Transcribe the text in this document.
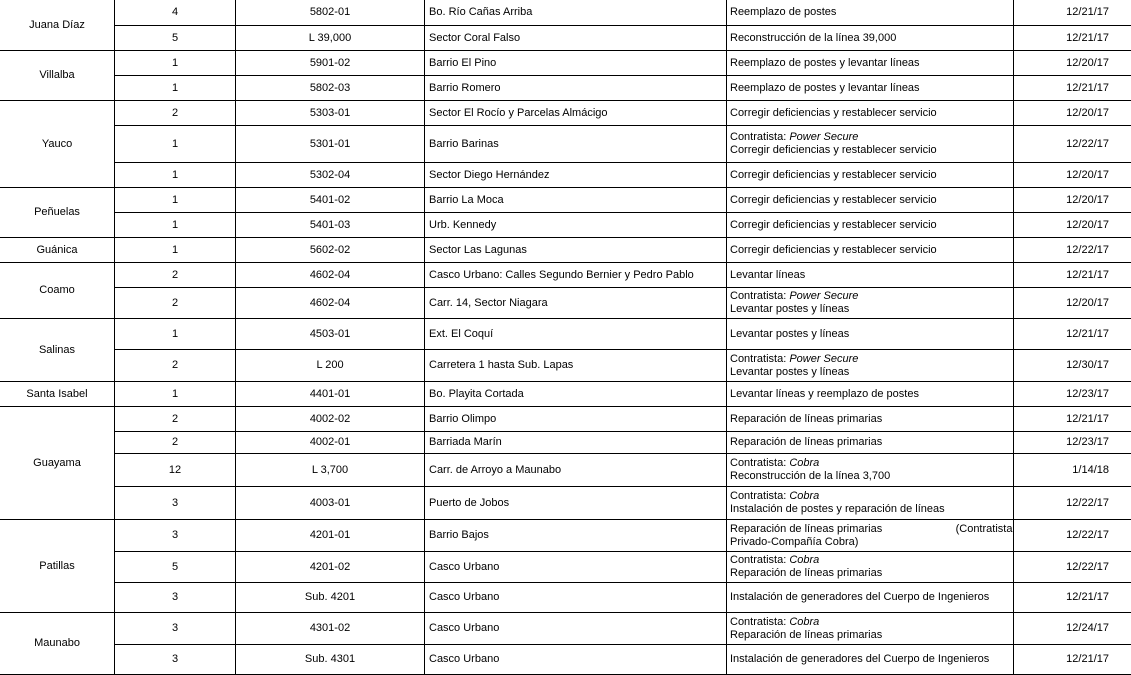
Juana Díaz	4	5802-01	Bo. Río Cañas Arriba	Reemplazo de postes	12/21/17
	5	L 39,000	Sector Coral Falso	Reconstrucción de la línea 39,000	12/21/17
Villalba	1	5901-02	Barrio El Pino	Reemplazo de postes y levantar líneas	12/20/17
	1	5802-03	Barrio Romero	Reemplazo de postes y levantar líneas	12/21/17
Yauco	2	5303-01	Sector El Rocío y Parcelas Almácigo	Corregir deficiencias y restablecer servicio	12/20/17
	1	5301-01	Barrio Barinas	Contratista: Power Secure
Corregir deficiencias y restablecer servicio	12/22/17
	1	5302-04	Sector Diego Hernández	Corregir deficiencias y restablecer servicio	12/20/17
Peñuelas	1	5401-02	Barrio La Moca	Corregir deficiencias y restablecer servicio	12/20/17
	1	5401-03	Urb. Kennedy	Corregir deficiencias y restablecer servicio	12/20/17
Guánica	1	5602-02	Sector Las Lagunas	Corregir deficiencias y restablecer servicio	12/22/17
Coamo	2	4602-04	Casco Urbano: Calles Segundo Bernier y Pedro Pablo	Levantar líneas	12/21/17
	2	4602-04	Carr. 14, Sector Niagara	Contratista: Power Secure
Levantar postes y líneas	12/20/17
Salinas	1	4503-01	Ext. El Coquí	Levantar postes y líneas	12/21/17
	2	L 200	Carretera 1 hasta Sub. Lapas	Contratista: Power Secure
Levantar postes y líneas	12/30/17
Santa Isabel	1	4401-01	Bo. Playita Cortada	Levantar líneas y reemplazo de postes	12/23/17
Guayama	2	4002-02	Barrio Olimpo	Reparación de líneas primarias	12/21/17
	2	4002-01	Barriada Marín	Reparación de líneas primarias	12/23/17
	12	L 3,700	Carr. de Arroyo a Maunabo	Contratista: Cobra
Reconstrucción de la línea 3,700	1/14/18
	3	4003-01	Puerto de Jobos	Contratista: Cobra
Instalación de postes y reparación de líneas	12/22/17
Patillas	3	4201-01	Barrio Bajos	Reparación de líneas primarias                        (Contratista
Privado-Compañía Cobra)	12/22/17
	5	4201-02	Casco Urbano	Contratista: Cobra
Reparación de líneas primarias	12/22/17
	3	Sub. 4201	Casco Urbano	Instalación de generadores del Cuerpo de Ingenieros	12/21/17
Maunabo	3	4301-02	Casco Urbano	Contratista: Cobra
Reparación de líneas primarias	12/24/17
	3	Sub. 4301	Casco Urbano	Instalación de generadores del Cuerpo de Ingenieros	12/21/17
